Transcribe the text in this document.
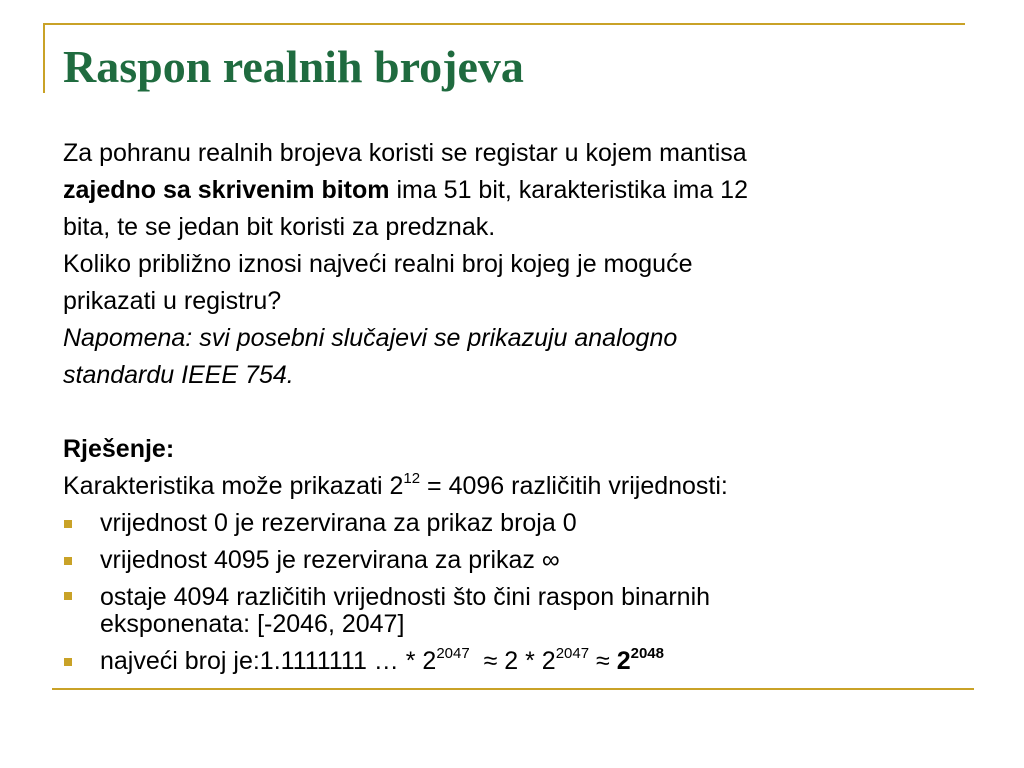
Raspon realnih brojeva

Za pohranu realnih brojeva koristi se registar u kojem mantisa

zajedno sa skrivenim bitom ima 51 bit, karakteristika ima 12

bita, te se jedan bit koristi za predznak.

Koliko približno iznosi najveći realni broj kojeg je moguće

prikazati u registru?

Napomena: svi posebni slučajevi se prikazuju analogno

standardu IEEE 754.

Rješenje:

Karakteristika može prikazati $2^{12} = 4096$ različitih vrijednosti:

vrijednost 0 je rezervirana za prikaz broja 0
vrijednost 4095 je rezervirana za prikaz ∞
ostaje 4094 različitih vrijednosti što čini raspon binarnih
eksponenata: [-2046, 2047]
najveći broj je:1.1111111 … * $2^{2047} \approx 2 * 2^{2047} \approx 2^{2048}$
